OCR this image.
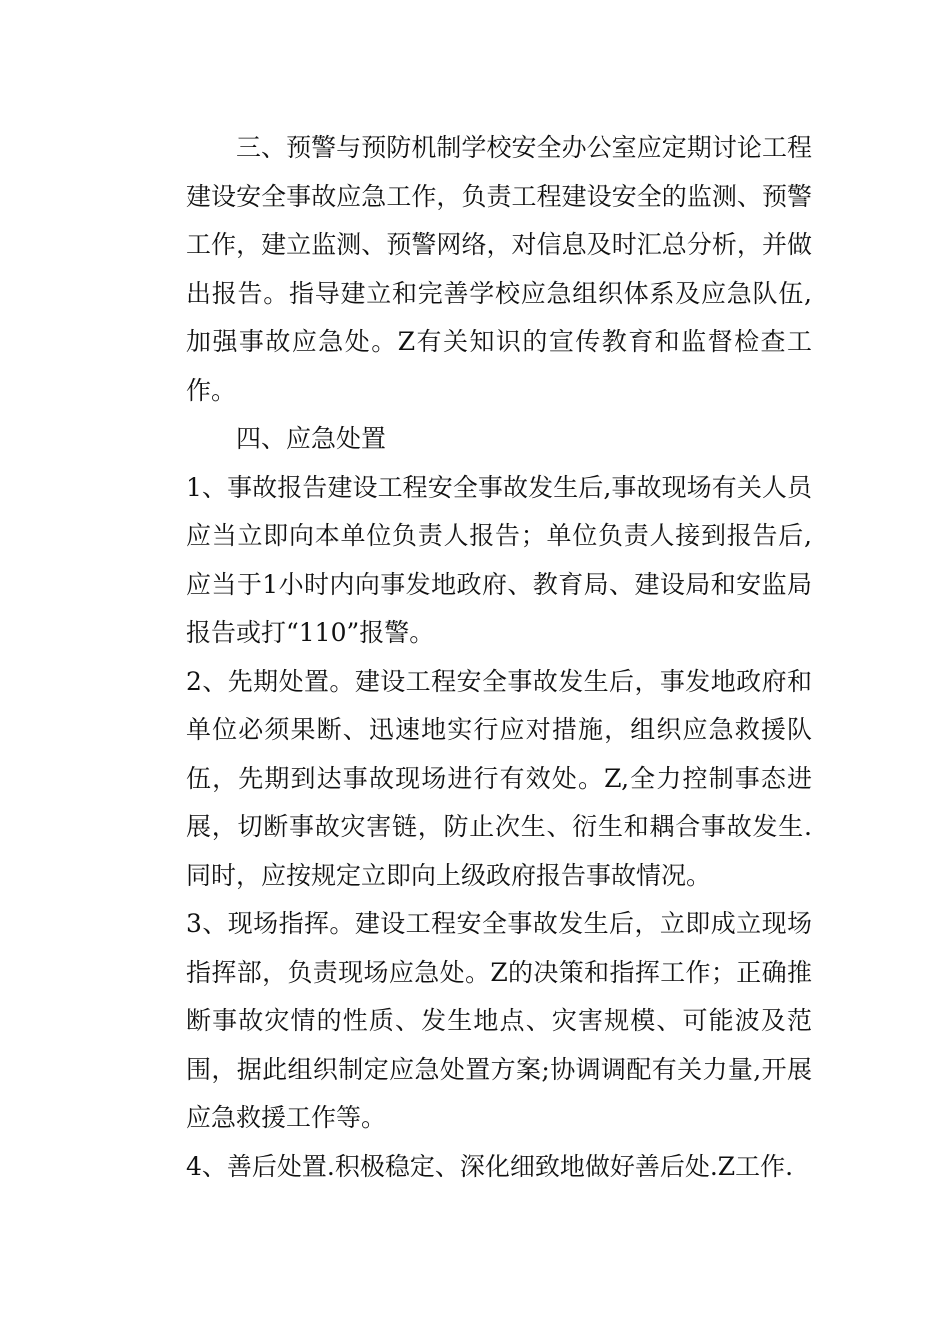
三、预警与预防机制学校安全办公室应定期讨论工程建设安全事故应急工作，负责工程建设安全的监测、预警工作，建立监测、预警网络，对信息及时汇总分析，并做出报告。指导建立和完善学校应急组织体系及应急队伍,加强事故应急处。Z有关知识的宣传教育和监督检查工作。

四、应急处置

1、事故报告建设工程安全事故发生后,事故现场有关人员应当立即向本单位负责人报告；单位负责人接到报告后,应当于1小时内向事发地政府、教育局、建设局和安监局报告或打“110”报警。

2、先期处置。建设工程安全事故发生后，事发地政府和单位必须果断、迅速地实行应对措施，组织应急救援队伍，先期到达事故现场进行有效处。Z,全力控制事态进展，切断事故灾害链，防止次生、衍生和耦合事故发生.同时，应按规定立即向上级政府报告事故情况。

3、现场指挥。建设工程安全事故发生后，立即成立现场指挥部，负责现场应急处。Z的决策和指挥工作；正确推断事故灾情的性质、发生地点、灾害规模、可能波及范围，据此组织制定应急处置方案;协调调配有关力量,开展应急救援工作等。

4、善后处置.积极稳定、深化细致地做好善后处.Z工作.
